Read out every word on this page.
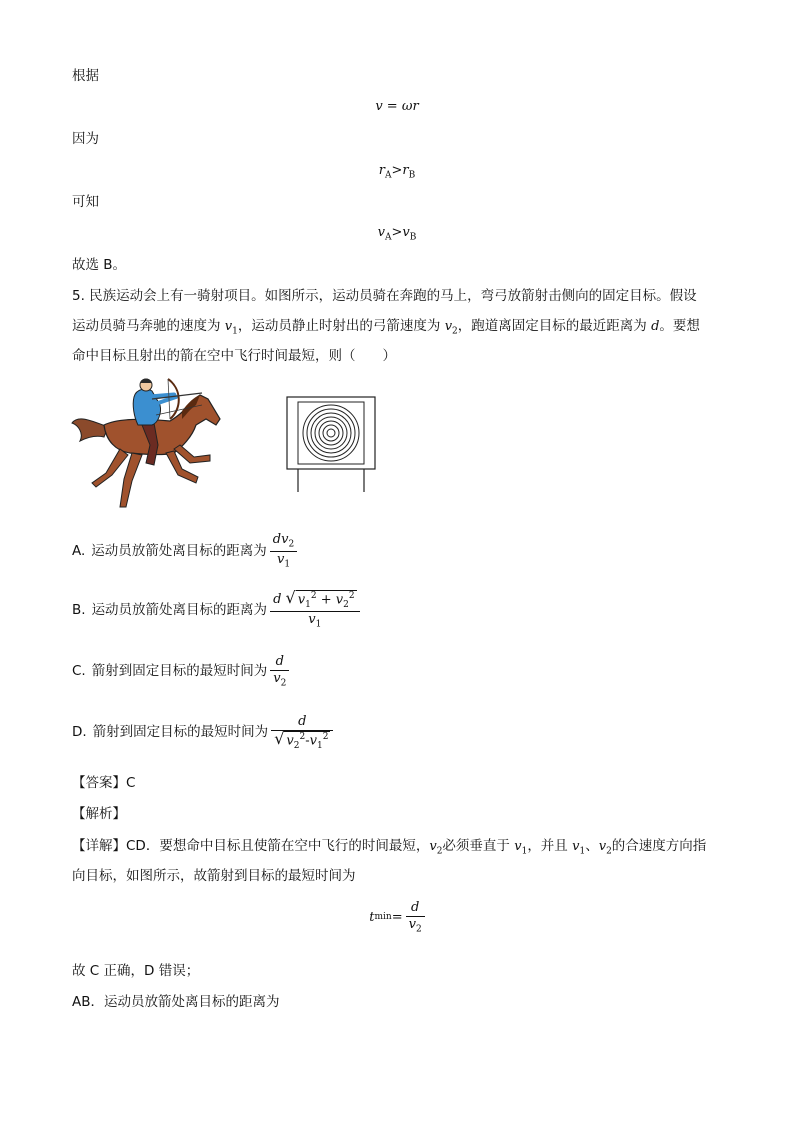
根据
v = ωr
因为
$r_A>r_B$
可知
$v_A>v_B$
故选 B。
5. 民族运动会上有一骑射项目。如图所示，运动员骑在奔跑的马上，弯弓放箭射击侧向的固定目标。假设
运动员骑马奔驰的速度为 $v_1$，运动员静止时射出的弓箭速度为 $v_2$，跑道离固定目标的最近距离为 d。要想
命中目标且射出的箭在空中飞行时间最短，则（　　）
A. 运动员放箭处离目标的距离为 $\frac{dv_2}{v_1}$
B. 运动员放箭处离目标的距离为 $\frac{d √ v_1^2 + v_2^2}{v_1}$
C. 箭射到固定目标的最短时间为 $\frac{d}{v_2}$
D. 箭射到固定目标的最短时间为 $\frac{d}{√ v_2^2-v_1^2}$
【答案】C
【解析】
【详解】CD．要想命中目标且使箭在空中飞行的时间最短，$v_2$必须垂直于 $v_1$，并且 $v_1$、$v_2$的合速度方向指
向目标，如图所示，故箭射到目标的最短时间为
t $\min = \frac{d}{v_2}$
故 C 正确，D 错误；
AB．运动员放箭处离目标的距离为
